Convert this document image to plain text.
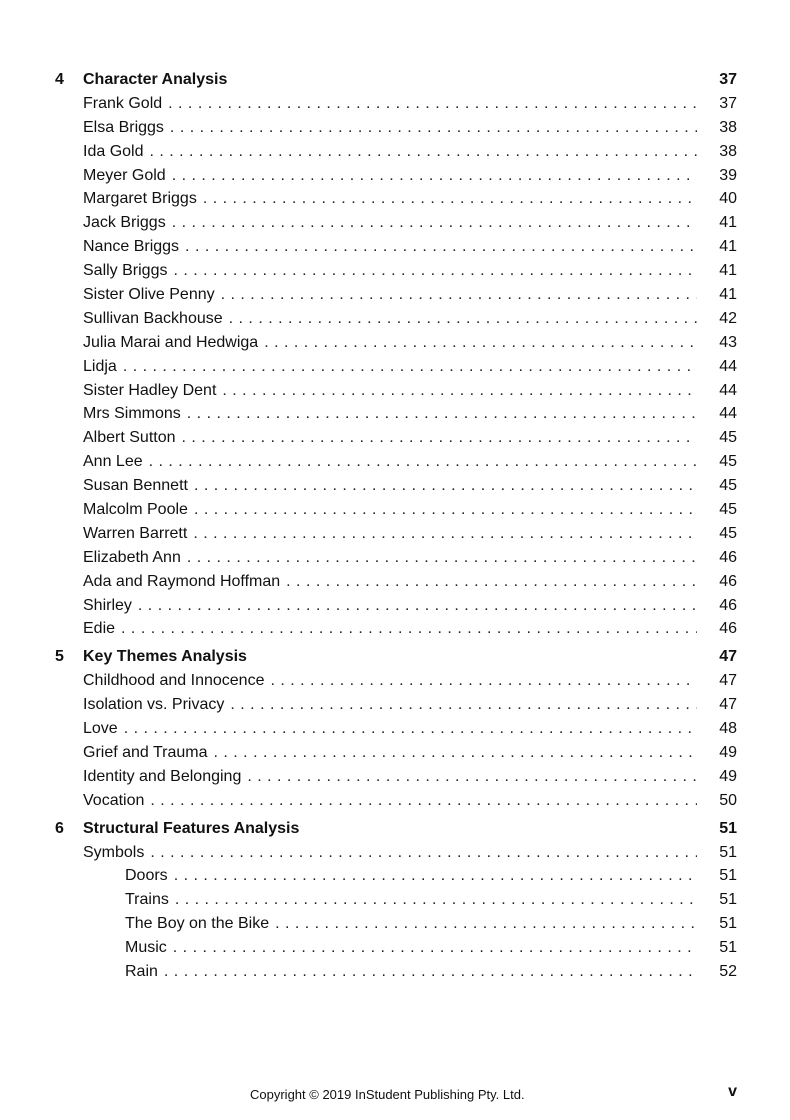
4	Character Analysis	37
Frank Gold . . .	37
Elsa Briggs . . .	38
Ida Gold . . .	38
Meyer Gold . . .	39
Margaret Briggs . . .	40
Jack Briggs . . .	41
Nance Briggs . . .	41
Sally Briggs . . .	41
Sister Olive Penny . . .	41
Sullivan Backhouse . . .	42
Julia Marai and Hedwiga . . .	43
Lidja . . .	44
Sister Hadley Dent . . .	44
Mrs Simmons . . .	44
Albert Sutton . . .	45
Ann Lee . . .	45
Susan Bennett . . .	45
Malcolm Poole . . .	45
Warren Barrett . . .	45
Elizabeth Ann . . .	46
Ada and Raymond Hoffman . . .	46
Shirley . . .	46
Edie . . .	46
5	Key Themes Analysis	47
Childhood and Innocence . . .	47
Isolation vs. Privacy . . .	47
Love . . .	48
Grief and Trauma . . .	49
Identity and Belonging . . .	49
Vocation . . .	50
6	Structural Features Analysis	51
Symbols . . .	51
Doors . . .	51
Trains . . .	51
The Boy on the Bike . . .	51
Music . . .	51
Rain . . .	52
Copyright © 2019 InStudent Publishing Pty. Ltd.	v
